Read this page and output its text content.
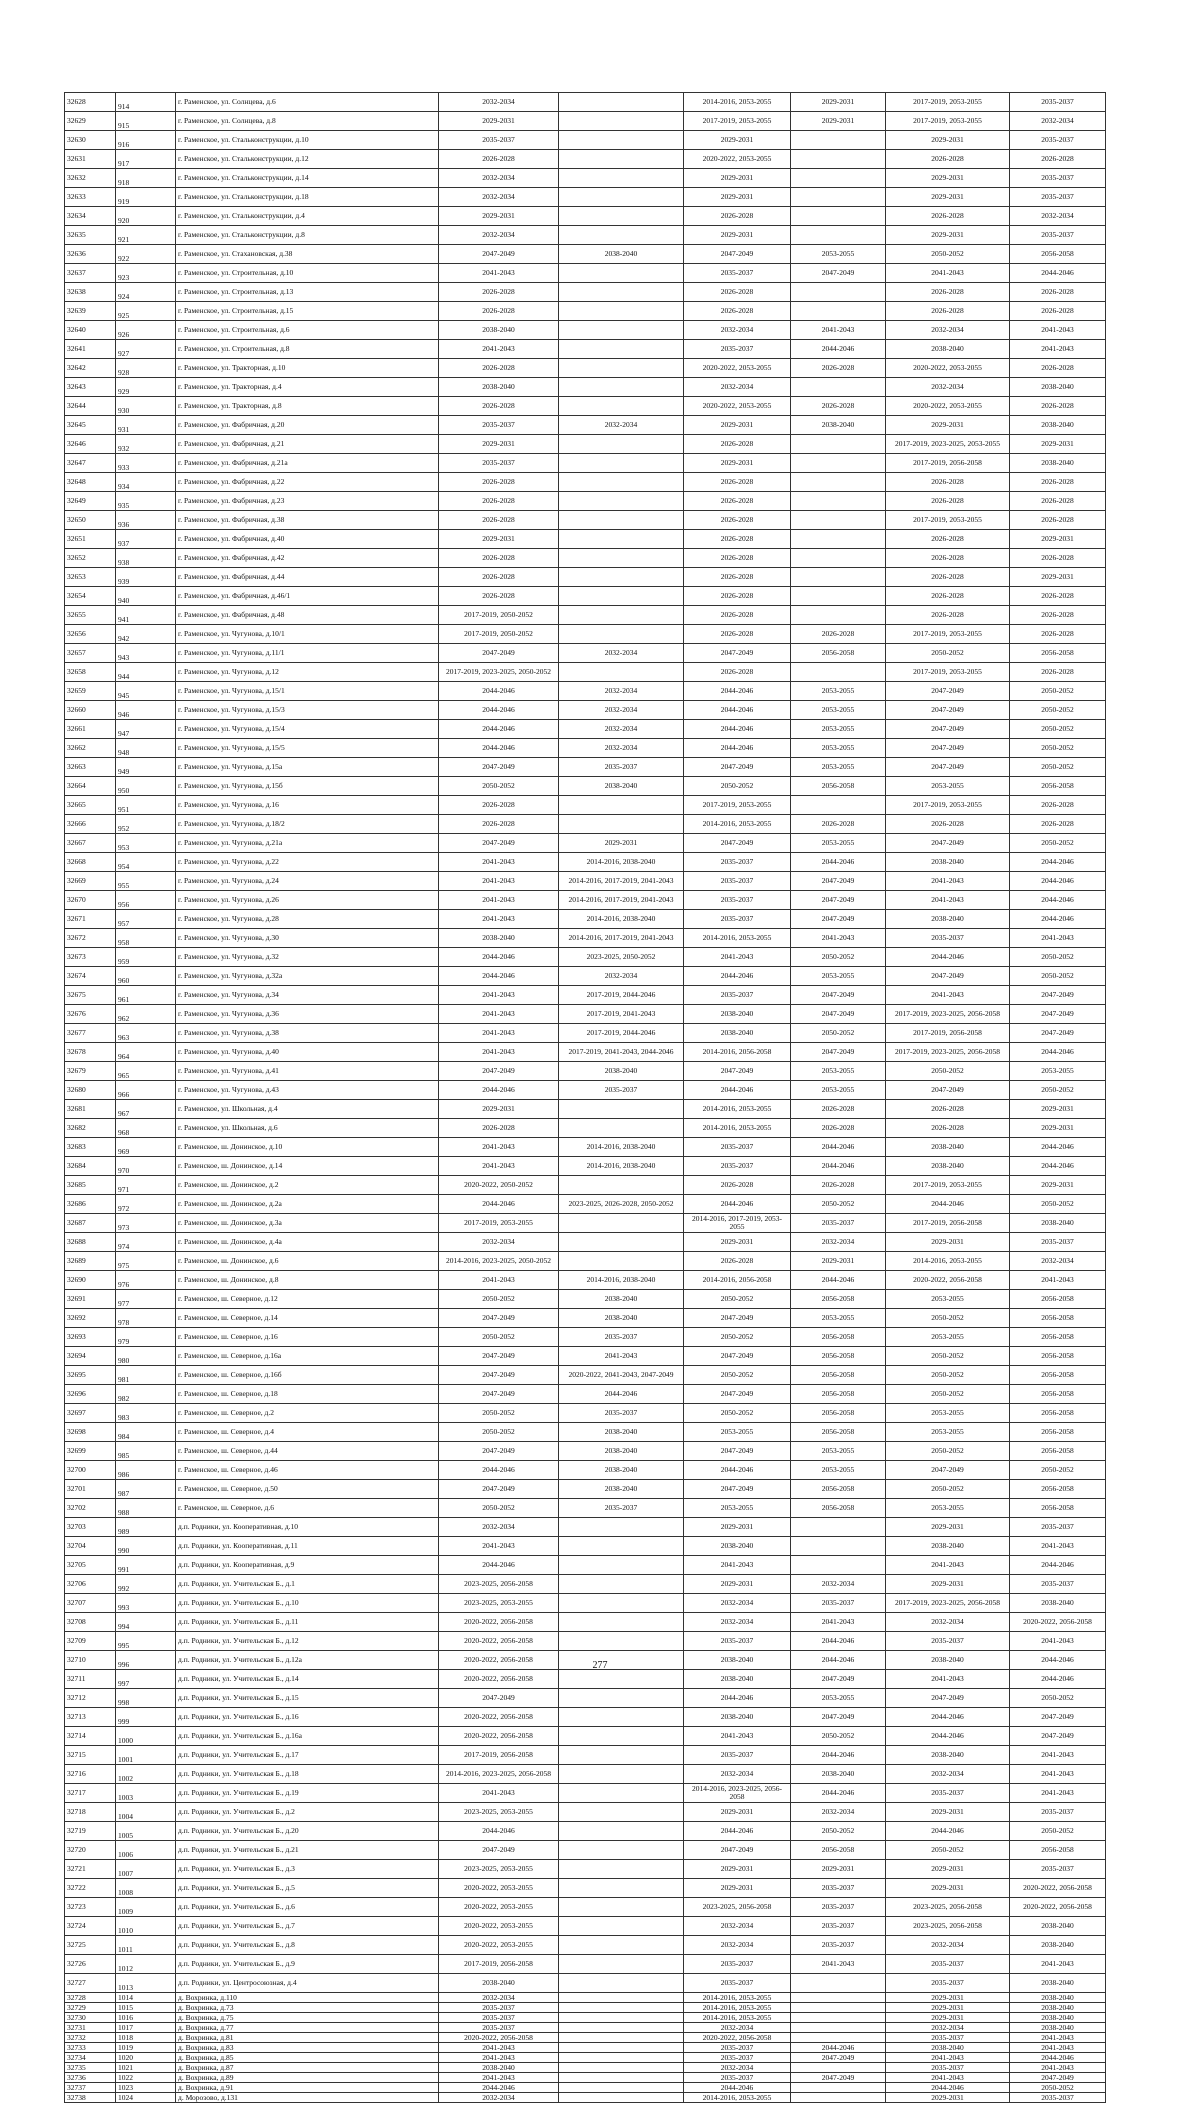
32628	914	г. Раменское, ул. Солнцева, д.6	2032-2034		2014-2016, 2053-2055	2029-2031	2017-2019, 2053-2055	2035-2037
32629	915	г. Раменское, ул. Солнцева, д.8	2029-2031		2017-2019, 2053-2055	2029-2031	2017-2019, 2053-2055	2032-2034
32630	916	г. Раменское, ул. Стальконструкции, д.10	2035-2037		2029-2031		2029-2031	2035-2037
32631	917	г. Раменское, ул. Стальконструкции, д.12	2026-2028		2020-2022, 2053-2055		2026-2028	2026-2028
32632	918	г. Раменское, ул. Стальконструкции, д.14	2032-2034		2029-2031		2029-2031	2035-2037
32633	919	г. Раменское, ул. Стальконструкции, д.18	2032-2034		2029-2031		2029-2031	2035-2037
32634	920	г. Раменское, ул. Стальконструкции, д.4	2029-2031		2026-2028		2026-2028	2032-2034
32635	921	г. Раменское, ул. Стальконструкции, д.8	2032-2034		2029-2031		2029-2031	2035-2037
32636	922	г. Раменское, ул. Стахановская, д.38	2047-2049	2038-2040	2047-2049	2053-2055	2050-2052	2056-2058
32637	923	г. Раменское, ул. Строительная, д.10	2041-2043		2035-2037	2047-2049	2041-2043	2044-2046
32638	924	г. Раменское, ул. Строительная, д.13	2026-2028		2026-2028		2026-2028	2026-2028
32639	925	г. Раменское, ул. Строительная, д.15	2026-2028		2026-2028		2026-2028	2026-2028
32640	926	г. Раменское, ул. Строительная, д.6	2038-2040		2032-2034	2041-2043	2032-2034	2041-2043
32641	927	г. Раменское, ул. Строительная, д.8	2041-2043		2035-2037	2044-2046	2038-2040	2041-2043
32642	928	г. Раменское, ул. Тракторная, д.10	2026-2028		2020-2022, 2053-2055	2026-2028	2020-2022, 2053-2055	2026-2028
32643	929	г. Раменское, ул. Тракторная, д.4	2038-2040		2032-2034		2032-2034	2038-2040
32644	930	г. Раменское, ул. Тракторная, д.8	2026-2028		2020-2022, 2053-2055	2026-2028	2020-2022, 2053-2055	2026-2028
32645	931	г. Раменское, ул. Фабричная, д.20	2035-2037	2032-2034	2029-2031	2038-2040	2029-2031	2038-2040
32646	932	г. Раменское, ул. Фабричная, д.21	2029-2031		2026-2028		2017-2019, 2023-2025, 2053-2055	2029-2031
32647	933	г. Раменское, ул. Фабричная, д.21а	2035-2037		2029-2031		2017-2019, 2056-2058	2038-2040
32648	934	г. Раменское, ул. Фабричная, д.22	2026-2028		2026-2028		2026-2028	2026-2028
32649	935	г. Раменское, ул. Фабричная, д.23	2026-2028		2026-2028		2026-2028	2026-2028
32650	936	г. Раменское, ул. Фабричная, д.38	2026-2028		2026-2028		2017-2019, 2053-2055	2026-2028
32651	937	г. Раменское, ул. Фабричная, д.40	2029-2031		2026-2028		2026-2028	2029-2031
32652	938	г. Раменское, ул. Фабричная, д.42	2026-2028		2026-2028		2026-2028	2026-2028
32653	939	г. Раменское, ул. Фабричная, д.44	2026-2028		2026-2028		2026-2028	2029-2031
32654	940	г. Раменское, ул. Фабричная, д.46/1	2026-2028		2026-2028		2026-2028	2026-2028
32655	941	г. Раменское, ул. Фабричная, д.48	2017-2019, 2050-2052		2026-2028		2026-2028	2026-2028
32656	942	г. Раменское, ул. Чугунова, д.10/1	2017-2019, 2050-2052		2026-2028	2026-2028	2017-2019, 2053-2055	2026-2028
32657	943	г. Раменское, ул. Чугунова, д.11/1	2047-2049	2032-2034	2047-2049	2056-2058	2050-2052	2056-2058
32658	944	г. Раменское, ул. Чугунова, д.12	2017-2019, 2023-2025, 2050-2052		2026-2028		2017-2019, 2053-2055	2026-2028
32659	945	г. Раменское, ул. Чугунова, д.15/1	2044-2046	2032-2034	2044-2046	2053-2055	2047-2049	2050-2052
32660	946	г. Раменское, ул. Чугунова, д.15/3	2044-2046	2032-2034	2044-2046	2053-2055	2047-2049	2050-2052
32661	947	г. Раменское, ул. Чугунова, д.15/4	2044-2046	2032-2034	2044-2046	2053-2055	2047-2049	2050-2052
32662	948	г. Раменское, ул. Чугунова, д.15/5	2044-2046	2032-2034	2044-2046	2053-2055	2047-2049	2050-2052
32663	949	г. Раменское, ул. Чугунова, д.15а	2047-2049	2035-2037	2047-2049	2053-2055	2047-2049	2050-2052
32664	950	г. Раменское, ул. Чугунова, д.15б	2050-2052	2038-2040	2050-2052	2056-2058	2053-2055	2056-2058
32665	951	г. Раменское, ул. Чугунова, д.16	2026-2028		2017-2019, 2053-2055		2017-2019, 2053-2055	2026-2028
32666	952	г. Раменское, ул. Чугунова, д.18/2	2026-2028		2014-2016, 2053-2055	2026-2028	2026-2028	2026-2028
32667	953	г. Раменское, ул. Чугунова, д.21а	2047-2049	2029-2031	2047-2049	2053-2055	2047-2049	2050-2052
32668	954	г. Раменское, ул. Чугунова, д.22	2041-2043	2014-2016, 2038-2040	2035-2037	2044-2046	2038-2040	2044-2046
32669	955	г. Раменское, ул. Чугунова, д.24	2041-2043	2014-2016, 2017-2019, 2041-2043	2035-2037	2047-2049	2041-2043	2044-2046
32670	956	г. Раменское, ул. Чугунова, д.26	2041-2043	2014-2016, 2017-2019, 2041-2043	2035-2037	2047-2049	2041-2043	2044-2046
32671	957	г. Раменское, ул. Чугунова, д.28	2041-2043	2014-2016, 2038-2040	2035-2037	2047-2049	2038-2040	2044-2046
32672	958	г. Раменское, ул. Чугунова, д.30	2038-2040	2014-2016, 2017-2019, 2041-2043	2014-2016, 2053-2055	2041-2043	2035-2037	2041-2043
32673	959	г. Раменское, ул. Чугунова, д.32	2044-2046	2023-2025, 2050-2052	2041-2043	2050-2052	2044-2046	2050-2052
32674	960	г. Раменское, ул. Чугунова, д.32а	2044-2046	2032-2034	2044-2046	2053-2055	2047-2049	2050-2052
32675	961	г. Раменское, ул. Чугунова, д.34	2041-2043	2017-2019, 2044-2046	2035-2037	2047-2049	2041-2043	2047-2049
32676	962	г. Раменское, ул. Чугунова, д.36	2041-2043	2017-2019, 2041-2043	2038-2040	2047-2049	2017-2019, 2023-2025, 2056-2058	2047-2049
32677	963	г. Раменское, ул. Чугунова, д.38	2041-2043	2017-2019, 2044-2046	2038-2040	2050-2052	2017-2019, 2056-2058	2047-2049
32678	964	г. Раменское, ул. Чугунова, д.40	2041-2043	2017-2019, 2041-2043, 2044-2046	2014-2016, 2056-2058	2047-2049	2017-2019, 2023-2025, 2056-2058	2044-2046
32679	965	г. Раменское, ул. Чугунова, д.41	2047-2049	2038-2040	2047-2049	2053-2055	2050-2052	2053-2055
32680	966	г. Раменское, ул. Чугунова, д.43	2044-2046	2035-2037	2044-2046	2053-2055	2047-2049	2050-2052
32681	967	г. Раменское, ул. Школьная, д.4	2029-2031		2014-2016, 2053-2055	2026-2028	2026-2028	2029-2031
32682	968	г. Раменское, ул. Школьная, д.6	2026-2028		2014-2016, 2053-2055	2026-2028	2026-2028	2029-2031
32683	969	г. Раменское, ш. Донинское, д.10	2041-2043	2014-2016, 2038-2040	2035-2037	2044-2046	2038-2040	2044-2046
32684	970	г. Раменское, ш. Донинское, д.14	2041-2043	2014-2016, 2038-2040	2035-2037	2044-2046	2038-2040	2044-2046
32685	971	г. Раменское, ш. Донинское, д.2	2020-2022, 2050-2052		2026-2028	2026-2028	2017-2019, 2053-2055	2029-2031
32686	972	г. Раменское, ш. Донинское, д.2а	2044-2046	2023-2025, 2026-2028, 2050-2052	2044-2046	2050-2052	2044-2046	2050-2052
32687	973	г. Раменское, ш. Донинское, д.3а	2017-2019, 2053-2055		2014-2016, 2017-2019, 2053-2055	2035-2037	2017-2019, 2056-2058	2038-2040
32688	974	г. Раменское, ш. Донинское, д.4а	2032-2034		2029-2031	2032-2034	2029-2031	2035-2037
32689	975	г. Раменское, ш. Донинское, д.6	2014-2016, 2023-2025, 2050-2052		2026-2028	2029-2031	2014-2016, 2053-2055	2032-2034
32690	976	г. Раменское, ш. Донинское, д.8	2041-2043	2014-2016, 2038-2040	2014-2016, 2056-2058	2044-2046	2020-2022, 2056-2058	2041-2043
32691	977	г. Раменское, ш. Северное, д.12	2050-2052	2038-2040	2050-2052	2056-2058	2053-2055	2056-2058
32692	978	г. Раменское, ш. Северное, д.14	2047-2049	2038-2040	2047-2049	2053-2055	2050-2052	2056-2058
32693	979	г. Раменское, ш. Северное, д.16	2050-2052	2035-2037	2050-2052	2056-2058	2053-2055	2056-2058
32694	980	г. Раменское, ш. Северное, д.16а	2047-2049	2041-2043	2047-2049	2056-2058	2050-2052	2056-2058
32695	981	г. Раменское, ш. Северное, д.16б	2047-2049	2020-2022, 2041-2043, 2047-2049	2050-2052	2056-2058	2050-2052	2056-2058
32696	982	г. Раменское, ш. Северное, д.18	2047-2049	2044-2046	2047-2049	2056-2058	2050-2052	2056-2058
32697	983	г. Раменское, ш. Северное, д.2	2050-2052	2035-2037	2050-2052	2056-2058	2053-2055	2056-2058
32698	984	г. Раменское, ш. Северное, д.4	2050-2052	2038-2040	2053-2055	2056-2058	2053-2055	2056-2058
32699	985	г. Раменское, ш. Северное, д.44	2047-2049	2038-2040	2047-2049	2053-2055	2050-2052	2056-2058
32700	986	г. Раменское, ш. Северное, д.46	2044-2046	2038-2040	2044-2046	2053-2055	2047-2049	2050-2052
32701	987	г. Раменское, ш. Северное, д.50	2047-2049	2038-2040	2047-2049	2056-2058	2050-2052	2056-2058
32702	988	г. Раменское, ш. Северное, д.6	2050-2052	2035-2037	2053-2055	2056-2058	2053-2055	2056-2058
32703	989	д.п. Родники, ул. Кооперативная, д.10	2032-2034		2029-2031		2029-2031	2035-2037
32704	990	д.п. Родники, ул. Кооперативная, д.11	2041-2043		2038-2040		2038-2040	2041-2043
32705	991	д.п. Родники, ул. Кооперативная, д.9	2044-2046		2041-2043		2041-2043	2044-2046
32706	992	д.п. Родники, ул. Учительская Б., д.1	2023-2025, 2056-2058		2029-2031	2032-2034	2029-2031	2035-2037
32707	993	д.п. Родники, ул. Учительская Б., д.10	2023-2025, 2053-2055		2032-2034	2035-2037	2017-2019, 2023-2025, 2056-2058	2038-2040
32708	994	д.п. Родники, ул. Учительская Б., д.11	2020-2022, 2056-2058		2032-2034	2041-2043	2032-2034	2020-2022, 2056-2058
32709	995	д.п. Родники, ул. Учительская Б., д.12	2020-2022, 2056-2058		2035-2037	2044-2046	2035-2037	2041-2043
32710	996	д.п. Родники, ул. Учительская Б., д.12а	2020-2022, 2056-2058		2038-2040	2044-2046	2038-2040	2044-2046
32711	997	д.п. Родники, ул. Учительская Б., д.14	2020-2022, 2056-2058		2038-2040	2047-2049	2041-2043	2044-2046
32712	998	д.п. Родники, ул. Учительская Б., д.15	2047-2049		2044-2046	2053-2055	2047-2049	2050-2052
32713	999	д.п. Родники, ул. Учительская Б., д.16	2020-2022, 2056-2058		2038-2040	2047-2049	2044-2046	2047-2049
32714	1000	д.п. Родники, ул. Учительская Б., д.16а	2020-2022, 2056-2058		2041-2043	2050-2052	2044-2046	2047-2049
32715	1001	д.п. Родники, ул. Учительская Б., д.17	2017-2019, 2056-2058		2035-2037	2044-2046	2038-2040	2041-2043
32716	1002	д.п. Родники, ул. Учительская Б., д.18	2014-2016, 2023-2025, 2056-2058		2032-2034	2038-2040	2032-2034	2041-2043
32717	1003	д.п. Родники, ул. Учительская Б., д.19	2041-2043		2014-2016, 2023-2025, 2056-2058	2044-2046	2035-2037	2041-2043
32718	1004	д.п. Родники, ул. Учительская Б., д.2	2023-2025, 2053-2055		2029-2031	2032-2034	2029-2031	2035-2037
32719	1005	д.п. Родники, ул. Учительская Б., д.20	2044-2046		2044-2046	2050-2052	2044-2046	2050-2052
32720	1006	д.п. Родники, ул. Учительская Б., д.21	2047-2049		2047-2049	2056-2058	2050-2052	2056-2058
32721	1007	д.п. Родники, ул. Учительская Б., д.3	2023-2025, 2053-2055		2029-2031	2029-2031	2029-2031	2035-2037
32722	1008	д.п. Родники, ул. Учительская Б., д.5	2020-2022, 2053-2055		2029-2031	2035-2037	2029-2031	2020-2022, 2056-2058
32723	1009	д.п. Родники, ул. Учительская Б., д.6	2020-2022, 2053-2055		2023-2025, 2056-2058	2035-2037	2023-2025, 2056-2058	2020-2022, 2056-2058
32724	1010	д.п. Родники, ул. Учительская Б., д.7	2020-2022, 2053-2055		2032-2034	2035-2037	2023-2025, 2056-2058	2038-2040
32725	1011	д.п. Родники, ул. Учительская Б., д.8	2020-2022, 2053-2055		2032-2034	2035-2037	2032-2034	2038-2040
32726	1012	д.п. Родники, ул. Учительская Б., д.9	2017-2019, 2056-2058		2035-2037	2041-2043	2035-2037	2041-2043
32727	1013	д.п. Родники, ул. Центросоюзная, д.4	2038-2040		2035-2037		2035-2037	2038-2040
32728	1014	д. Вохринка, д.110	2032-2034		2014-2016, 2053-2055		2029-2031	2038-2040
32729	1015	д. Вохринка, д.73	2035-2037		2014-2016, 2053-2055		2029-2031	2038-2040
32730	1016	д. Вохринка, д.75	2035-2037		2014-2016, 2053-2055		2029-2031	2038-2040
32731	1017	д. Вохринка, д.77	2035-2037		2032-2034		2032-2034	2038-2040
32732	1018	д. Вохринка, д.81	2020-2022, 2056-2058		2020-2022, 2056-2058		2035-2037	2041-2043
32733	1019	д. Вохринка, д.83	2041-2043		2035-2037	2044-2046	2038-2040	2041-2043
32734	1020	д. Вохринка, д.85	2041-2043		2035-2037	2047-2049	2041-2043	2044-2046
32735	1021	д. Вохринка, д.87	2038-2040		2032-2034		2035-2037	2041-2043
32736	1022	д. Вохринка, д.89	2041-2043		2035-2037	2047-2049	2041-2043	2047-2049
32737	1023	д. Вохринка, д.91	2044-2046		2044-2046		2044-2046	2050-2052
32738	1024	д. Морозово, д.131	2032-2034		2014-2016, 2053-2055		2029-2031	2035-2037
277
